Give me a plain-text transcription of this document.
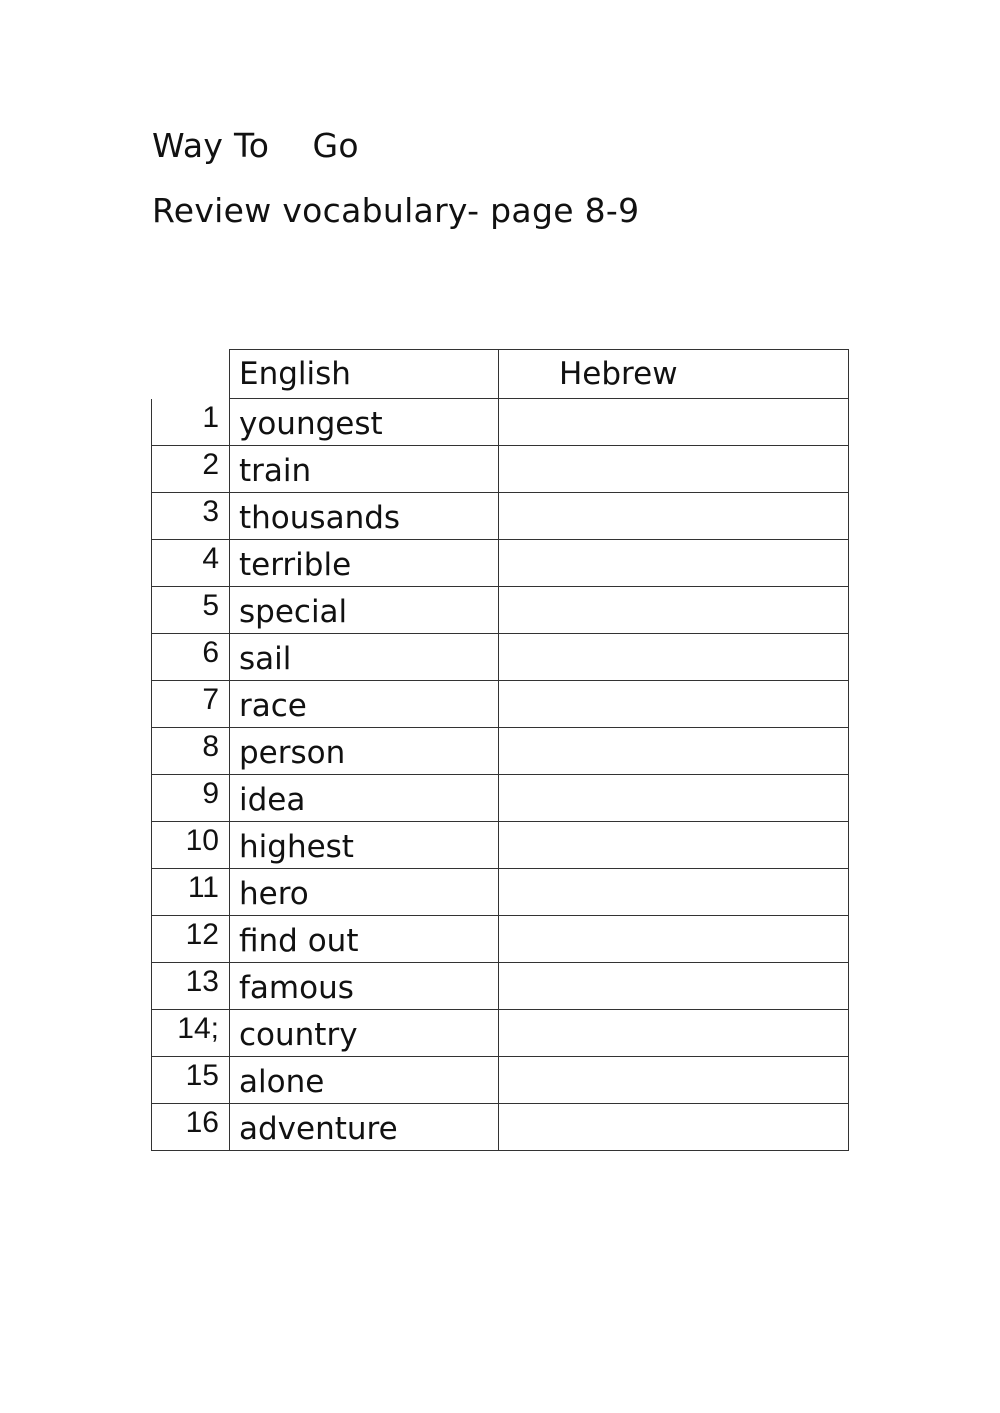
Way To    Go
Review vocabulary- page 8-9
	English	Hebrew
1	youngest	
2	train	
3	thousands	
4	terrible	
5	special	
6	sail	
7	race	
8	person	
9	idea	
10	highest	
11	hero	
12	find out	
13	famous	
14;	country	
15	alone	
16	adventure	
